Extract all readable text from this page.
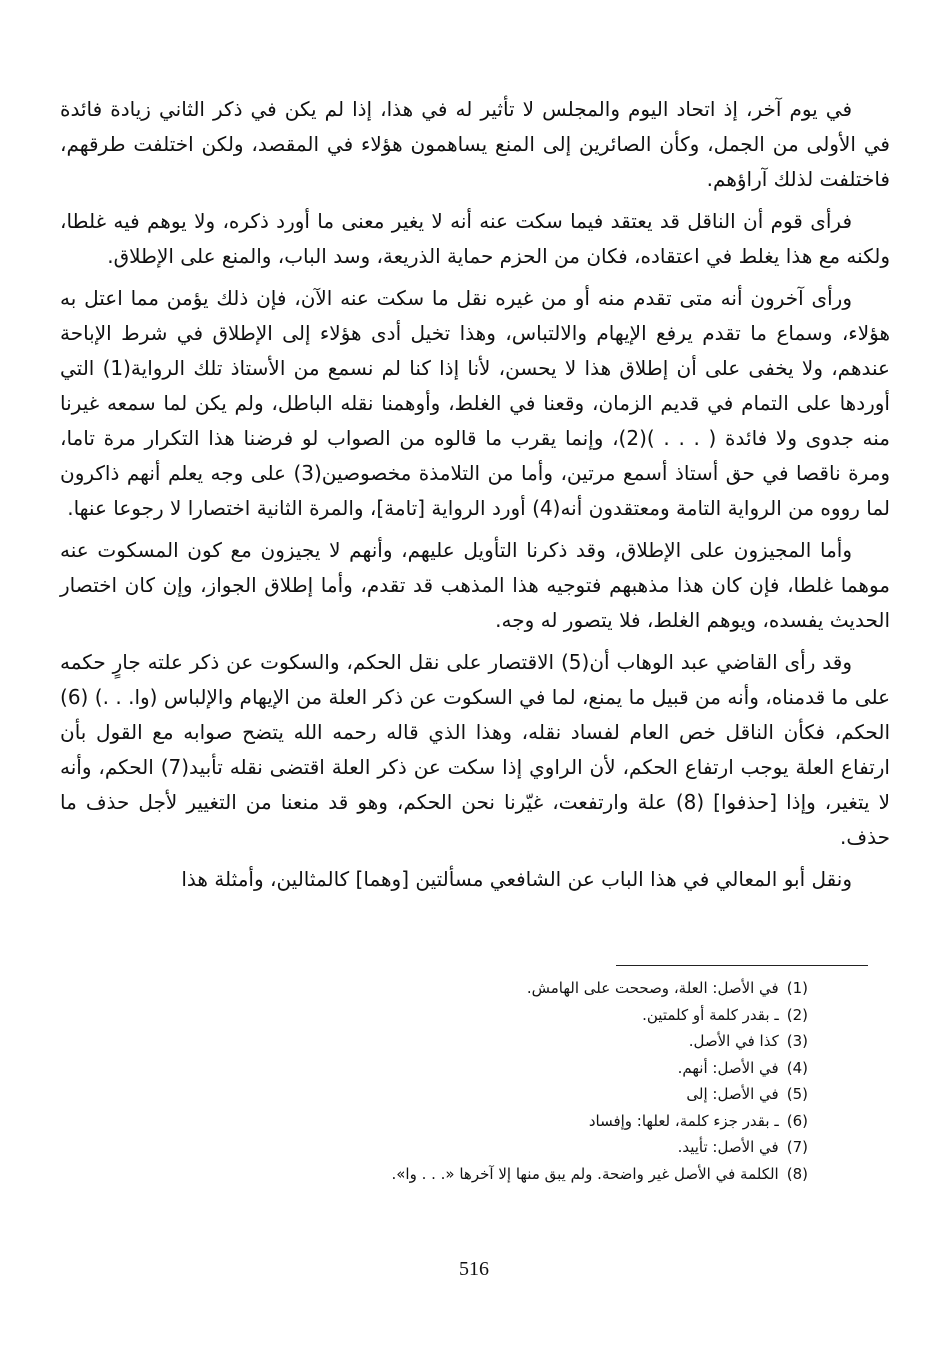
في يوم آخر، إذ اتحاد اليوم والمجلس لا تأثير له في هذا، إذا لم يكن في ذكر الثاني زيادة فائدة في الأولى من الجمل، وكأن الصائرين إلى المنع يساهمون هؤلاء في المقصد، ولكن اختلفت طرقهم، فاختلفت لذلك آراؤهم.

فرأى قوم أن الناقل قد يعتقد فيما سكت عنه أنه لا يغير معنى ما أورد ذكره، ولا يوهم فيه غلطا، ولكنه مع هذا يغلط في اعتقاده، فكان من الحزم حماية الذريعة، وسد الباب، والمنع على الإطلاق.

ورأى آخرون أنه متى تقدم منه أو من غيره نقل ما سكت عنه الآن، فإن ذلك يؤمن مما اعتل به هؤلاء، وسماع ما تقدم يرفع الإيهام والالتباس، وهذا تخيل أدى هؤلاء إلى الإطلاق في شرط الإباحة عندهم، ولا يخفى على أن إطلاق هذا لا يحسن، لأنا إذا كنا لم نسمع من الأستاذ تلك الرواية(1) التي أوردها على التمام في قديم الزمان، وقعنا في الغلط، وأوهمنا نقله الباطل، ولم يكن لما سمعه غيرنا منه جدوى ولا فائدة ( . . . )(2)، وإنما يقرب ما قالوه من الصواب لو فرضنا هذا التكرار مرة تاما، ومرة ناقصا في حق أستاذ أسمع مرتين، وأما من التلامذة مخصوصين(3) على وجه يعلم أنهم ذاكرون لما رووه من الرواية التامة ومعتقدون أنه(4) أورد الرواية [تامة]، والمرة الثانية اختصارا لا رجوعا عنها.

وأما المجيزون على الإطلاق، وقد ذكرنا التأويل عليهم، وأنهم لا يجيزون مع كون المسكوت عنه موهما غلطا، فإن كان هذا مذهبهم فتوجيه هذا المذهب قد تقدم، وأما إطلاق الجواز، وإن كان اختصار الحديث يفسده، ويوهم الغلط، فلا يتصور له وجه.

وقد رأى القاضي عبد الوهاب أن(5) الاقتصار على نقل الحكم، والسكوت عن ذكر علته جارٍ حكمه على ما قدمناه، وأنه من قبيل ما يمنع، لما في السكوت عن ذكر العلة من الإيهام والإلباس (وا. . .) (6) الحكم، فكأن الناقل خص العام لفساد نقله، وهذا الذي قاله رحمه الله يتضح صوابه مع القول بأن ارتفاع العلة يوجب ارتفاع الحكم، لأن الراوي إذا سكت عن ذكر العلة اقتضى نقله تأبيد(7) الحكم، وأنه لا يتغير، وإذا [حذفوا] (8) علة وارتفعت، غيّرنا نحن الحكم، وهو قد منعنا من التغيير لأجل حذف ما حذف.

ونقل أبو المعالي في هذا الباب عن الشافعي مسألتين [وهما] كالمثالين، وأمثلة هذا

(1)في الأصل: العلة، وصححت على الهامش.
(2)ـ بقدر كلمة أو كلمتين.
(3)كذا في الأصل.
(4)في الأصل: أنهم.
(5)في الأصل: إلى
(6)ـ بقدر جزء كلمة، لعلها: وإفساد
(7)في الأصل: تأييد.
(8)الكلمة في الأصل غير واضحة. ولم يبق منها إلا آخرها «. . . وا».
516
